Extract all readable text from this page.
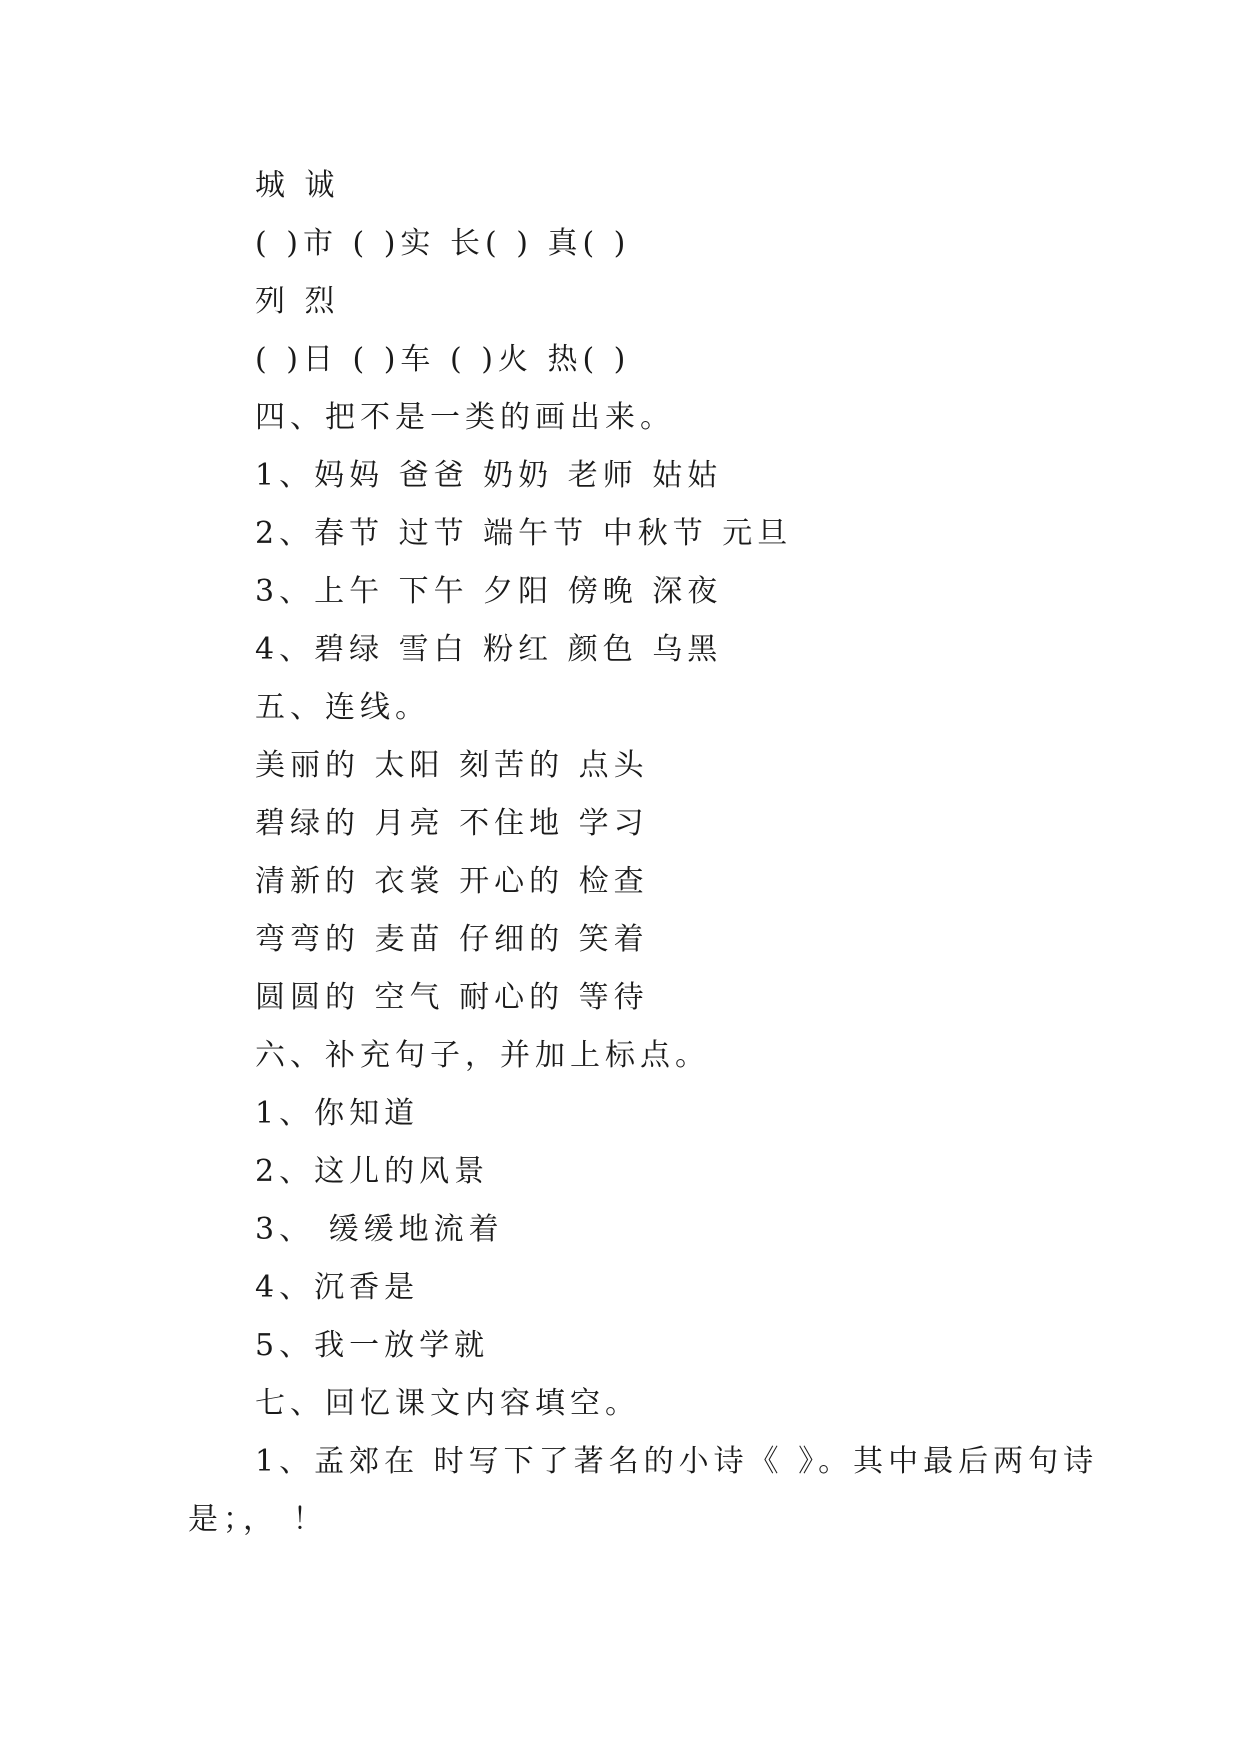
城 诚
( )市 ( )实 长( ) 真( )
列 烈
( )日 ( )车 ( )火 热( )
四、把不是一类的画出来。
1、妈妈 爸爸 奶奶 老师 姑姑
2、春节 过节 端午节 中秋节 元旦
3、上午 下午 夕阳 傍晚 深夜
4、碧绿 雪白 粉红 颜色 乌黑
五、连线。
美丽的 太阳 刻苦的 点头
碧绿的 月亮 不住地 学习
清新的 衣裳 开心的 检查
弯弯的 麦苗 仔细的 笑着
圆圆的 空气 耐心的 等待
六、补充句子，并加上标点。
1、你知道
2、这儿的风景
3、 缓缓地流着
4、沉香是
5、我一放学就
七、回忆课文内容填空。
1、孟郊在 时写下了著名的小诗《 》。其中最后两句诗
是；， ！
